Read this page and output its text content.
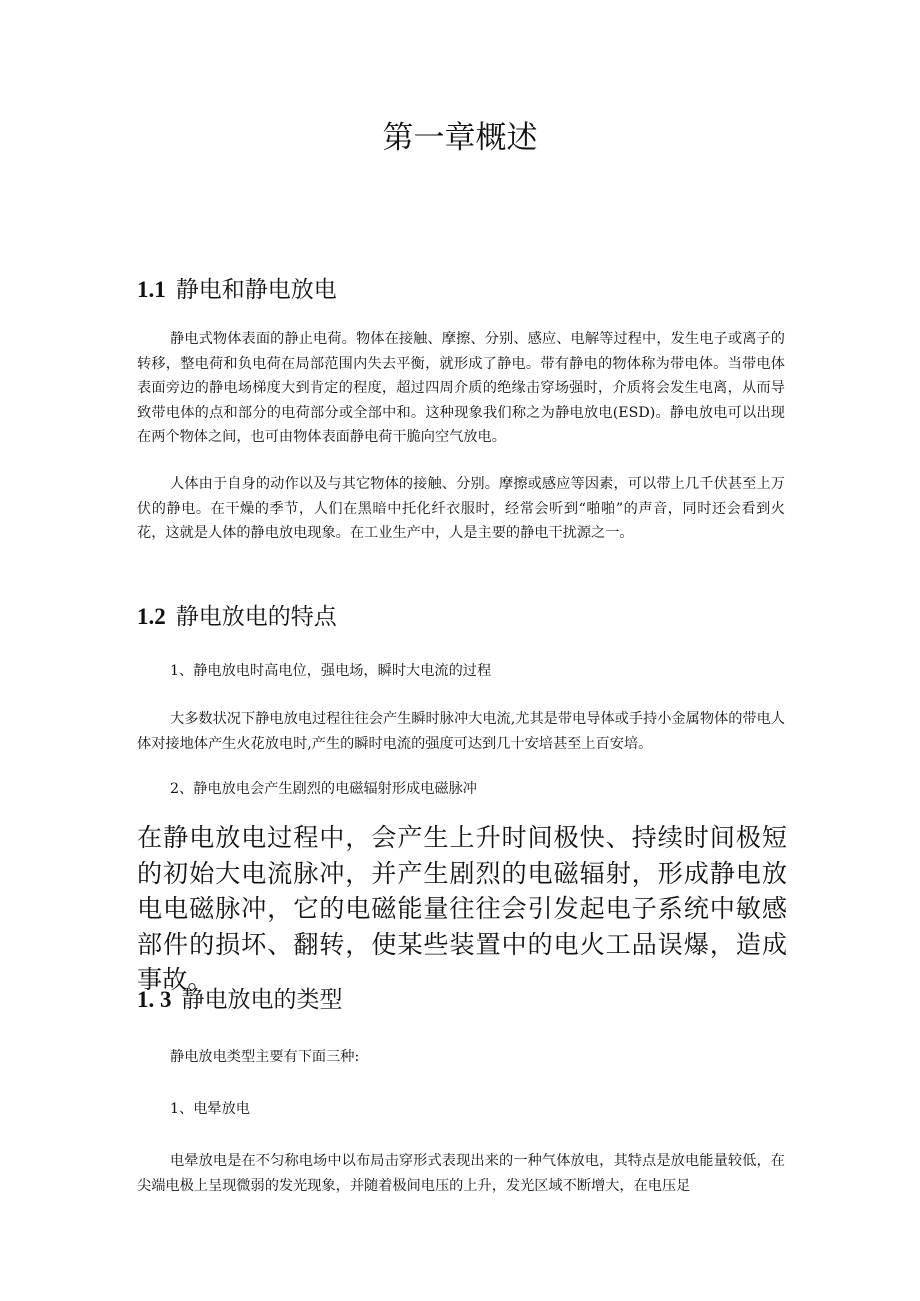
第一章概述
1.1 静电和静电放电

静电式物体表面的静止电荷。物体在接触、摩擦、分别、感应、电解等过程中，发生电子或离子的转移，整电荷和负电荷在局部范围内失去平衡，就形成了静电。带有静电的物体称为带电体。当带电体表面旁边的静电场梯度大到肯定的程度，超过四周介质的绝缘击穿场强时，介质将会发生电离，从而导致带电体的点和部分的电荷部分或全部中和。这种现象我们称之为静电放电(ESD)。静电放电可以出现在两个物体之间，也可由物体表面静电荷干脆向空气放电。

人体由于自身的动作以及与其它物体的接触、分别。摩擦或感应等因素，可以带上几千伏甚至上万伏的静电。在干燥的季节，人们在黑暗中托化纤衣服时，经常会听到“啪啪”的声音，同时还会看到火花，这就是人体的静电放电现象。在工业生产中，人是主要的静电干扰源之一。

1.2 静电放电的特点

1、静电放电时高电位，强电场，瞬时大电流的过程

大多数状况下静电放电过程往往会产生瞬时脉冲大电流,尤其是带电导体或手持小金属物体的带电人体对接地体产生火花放电时,产生的瞬时电流的强度可达到几十安培甚至上百安培。

2、静电放电会产生剧烈的电磁辐射形成电磁脉冲

在静电放电过程中，会产生上升时间极快、持续时间极短的初始大电流脉冲，并产生剧烈的电磁辐射，形成静电放电电磁脉冲，它的电磁能量往往会引发起电子系统中敏感部件的损坏、翻转，使某些装置中的电火工品误爆，造成事故。

1. 3 静电放电的类型

静电放电类型主要有下面三种:

1、电晕放电

电晕放电是在不匀称电场中以布局击穿形式表现出来的一种气体放电，其特点是放电能量较低，在尖端电极上呈现微弱的发光现象，并随着极间电压的上升，发光区域不断增大，在电压足
